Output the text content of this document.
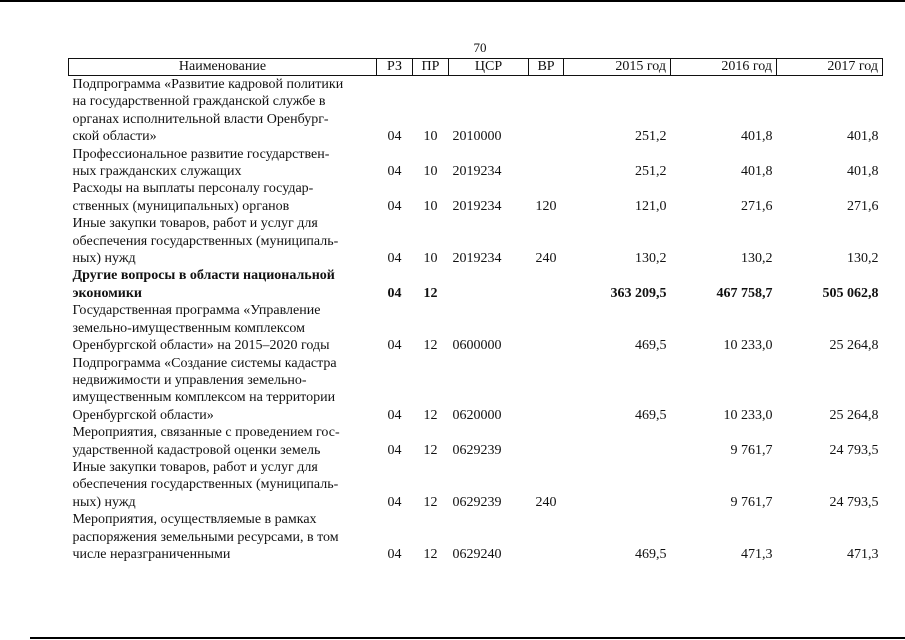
70
Наименование	РЗ	ПР	ЦСР	ВР	2015 год	2016 год	2017 год

Подпрограмма «Развитие кадровой политики
на государственной гражданской службе в
органах исполнительной власти Оренбург-
ской области»	04	10	2010000		251,2	401,8	401,8

Профессиональное развитие государствен-
ных гражданских служащих	04	10	2019234		251,2	401,8	401,8

Расходы на выплаты персоналу государ-
ственных (муниципальных) органов	04	10	2019234	120	121,0	271,6	271,6

Иные закупки товаров, работ и услуг для
обеспечения государственных (муниципаль-
ных) нужд	04	10	2019234	240	130,2	130,2	130,2

Другие вопросы в области национальной
экономики	04	12			363 209,5	467 758,7	505 062,8

Государственная программа «Управление
земельно-имущественным комплексом
Оренбургской области» на 2015–2020 годы	04	12	0600000		469,5	10 233,0	25 264,8

Подпрограмма «Создание системы кадастра
недвижимости и управления земельно-
имущественным комплексом на территории
Оренбургской области»	04	12	0620000		469,5	10 233,0	25 264,8

Мероприятия, связанные с проведением гос-
ударственной кадастровой оценки земель	04	12	0629239			9 761,7	24 793,5

Иные закупки товаров, работ и услуг для
обеспечения государственных (муниципаль-
ных) нужд	04	12	0629239	240		9 761,7	24 793,5

Мероприятия, осуществляемые в рамках
распоряжения земельными ресурсами, в том
числе неразграниченными	04	12	0629240		469,5	471,3	471,3
